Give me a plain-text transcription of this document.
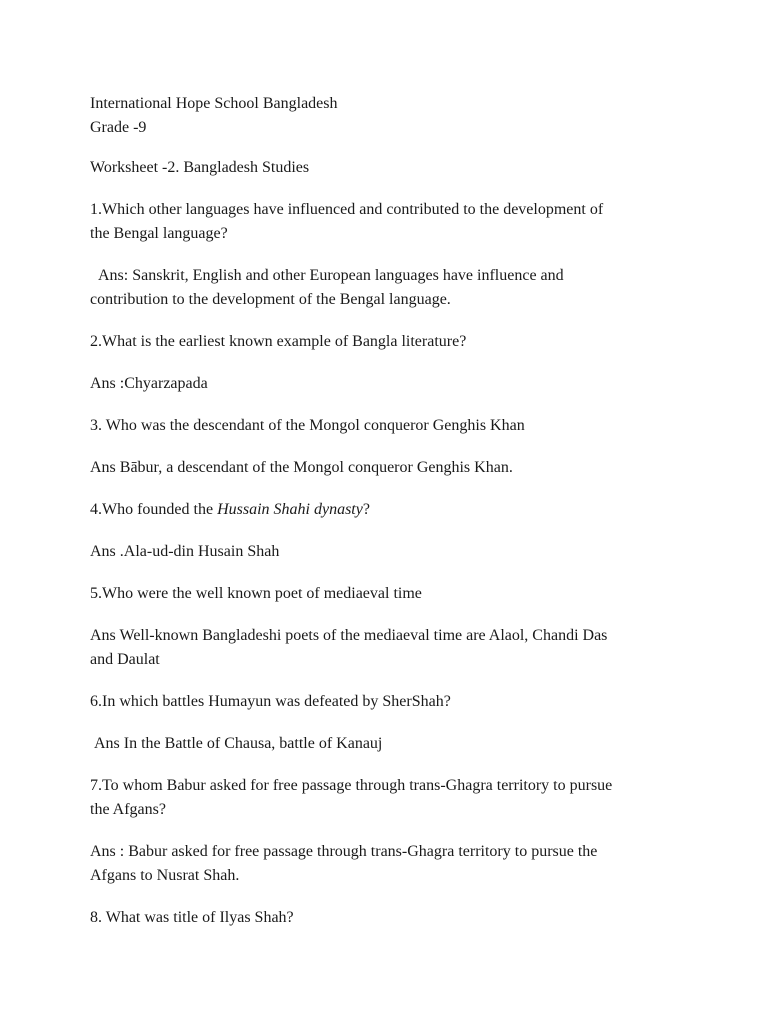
International Hope School Bangladesh
Grade -9
Worksheet -2. Bangladesh Studies
1.Which other languages have influenced and contributed to the development of
the Bengal language?
Ans: Sanskrit, English and other European languages have influence and
contribution to the development of the Bengal language.
2.What is the earliest known example of Bangla literature?
Ans :Chyarzapada
3. Who was the descendant of the Mongol conqueror Genghis Khan
Ans Bābur, a descendant of the Mongol conqueror Genghis Khan.
4.Who founded the Hussain Shahi dynasty?
Ans .Ala-ud-din Husain Shah
5.Who were the well known poet of mediaeval time
Ans Well-known Bangladeshi poets of the mediaeval time are Alaol, Chandi Das
and Daulat
6.In which battles Humayun was defeated by SherShah?
Ans In the Battle of Chausa, battle of Kanauj
7.To whom Babur asked for free passage through trans-Ghagra territory to pursue
the Afgans?
Ans : Babur asked for free passage through trans-Ghagra territory to pursue the
Afgans to Nusrat Shah.
8. What was title of Ilyas Shah?
